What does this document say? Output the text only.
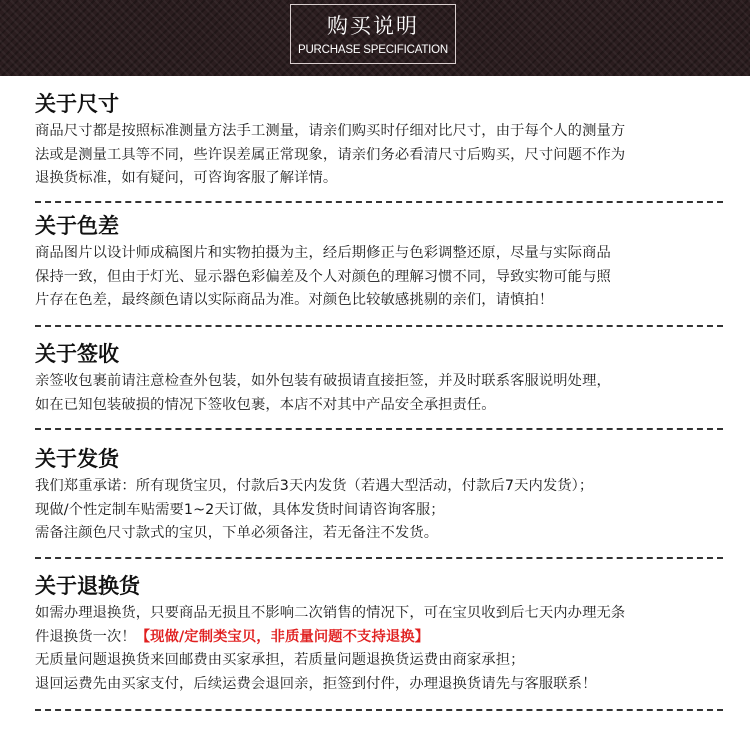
购买说明
PURCHASE SPECIFICATION
关于尺寸

商品尺寸都是按照标准测量方法手工测量，请亲们购买时仔细对比尺寸，由于每个人的测量方

法或是测量工具等不同，些许误差属正常现象，请亲们务必看清尺寸后购买，尺寸问题不作为

退换货标准，如有疑问，可咨询客服了解详情。

关于色差

商品图片以设计师成稿图片和实物拍摄为主，经后期修正与色彩调整还原，尽量与实际商品

保持一致，但由于灯光、显示器色彩偏差及个人对颜色的理解习惯不同，导致实物可能与照

片存在色差，最终颜色请以实际商品为准。对颜色比较敏感挑剔的亲们，请慎拍！

关于签收

亲签收包裹前请注意检查外包装，如外包装有破损请直接拒签，并及时联系客服说明处理，

如在已知包装破损的情况下签收包裹，本店不对其中产品安全承担责任。

关于发货

我们郑重承诺：所有现货宝贝，付款后3天内发货（若遇大型活动，付款后7天内发货）；

现做/个性定制车贴需要1~2天订做，具体发货时间请咨询客服；

需备注颜色尺寸款式的宝贝，下单必须备注，若无备注不发货。

关于退换货

如需办理退换货，只要商品无损且不影响二次销售的情况下，可在宝贝收到后七天内办理无条

件退换货一次！【现做/定制类宝贝，非质量问题不支持退换】

无质量问题退换货来回邮费由买家承担，若质量问题退换货运费由商家承担；

退回运费先由买家支付，后续运费会退回亲，拒签到付件，办理退换货请先与客服联系！
